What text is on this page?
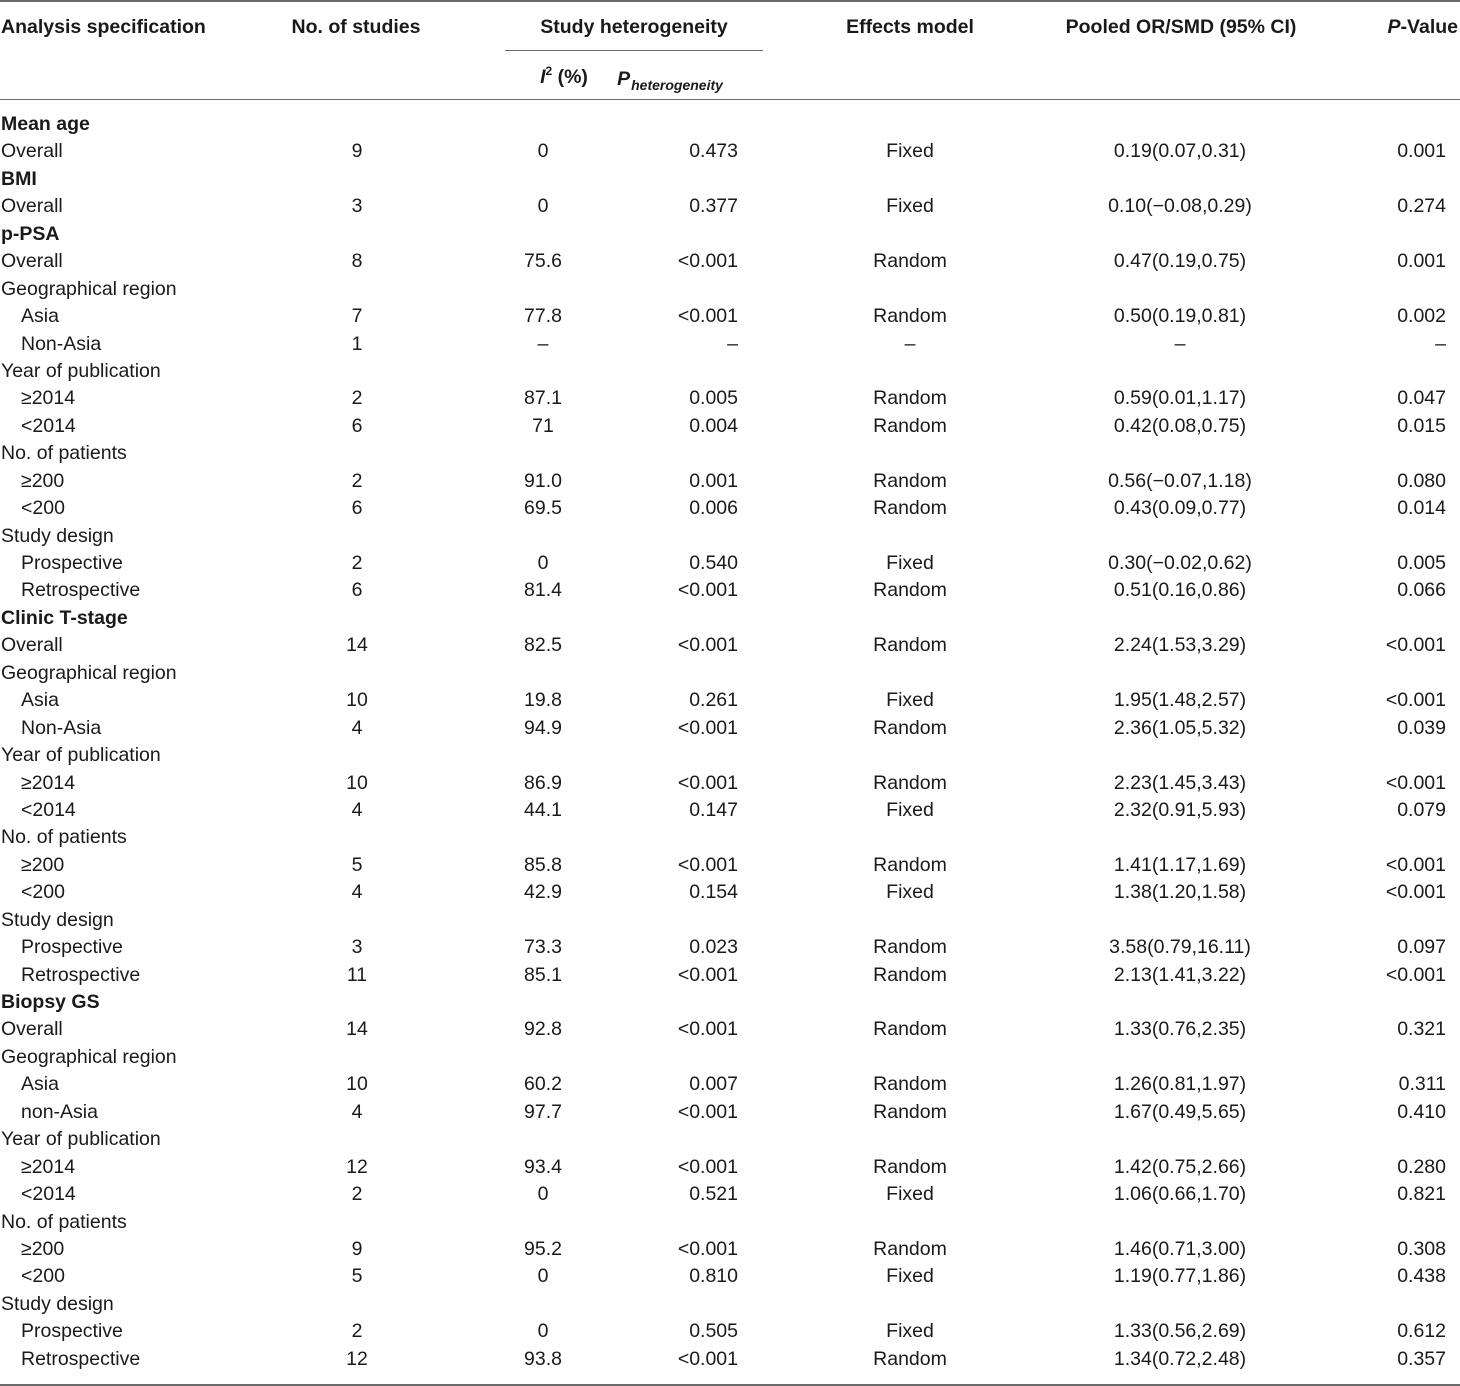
Analysis specification	No. of studies	Study heterogeneity	Effects model	Pooled OR/SMD (95% CI)	P-Value
$I^2$ (%) $P_{heterogeneity}$
Mean age
Overall	9	0	0.473	Fixed	0.19(0.07,0.31)	0.001
BMI
Overall	3	0	0.377	Fixed	0.10(−0.08,0.29)	0.274
p-PSA
Overall	8	75.6	<0.001	Random	0.47(0.19,0.75)	0.001
Geographical region
Asia	7	77.8	<0.001	Random	0.50(0.19,0.81)	0.002
Non-Asia	1	–	–	–	–	–
Year of publication
≥2014	2	87.1	0.005	Random	0.59(0.01,1.17)	0.047
<2014	6	71	0.004	Random	0.42(0.08,0.75)	0.015
No. of patients
≥200	2	91.0	0.001	Random	0.56(−0.07,1.18)	0.080
<200	6	69.5	0.006	Random	0.43(0.09,0.77)	0.014
Study design
Prospective	2	0	0.540	Fixed	0.30(−0.02,0.62)	0.005
Retrospective	6	81.4	<0.001	Random	0.51(0.16,0.86)	0.066
Clinic T-stage
Overall	14	82.5	<0.001	Random	2.24(1.53,3.29)	<0.001
Geographical region
Asia	10	19.8	0.261	Fixed	1.95(1.48,2.57)	<0.001
Non-Asia	4	94.9	<0.001	Random	2.36(1.05,5.32)	0.039
Year of publication
≥2014	10	86.9	<0.001	Random	2.23(1.45,3.43)	<0.001
<2014	4	44.1	0.147	Fixed	2.32(0.91,5.93)	0.079
No. of patients
≥200	5	85.8	<0.001	Random	1.41(1.17,1.69)	<0.001
<200	4	42.9	0.154	Fixed	1.38(1.20,1.58)	<0.001
Study design
Prospective	3	73.3	0.023	Random	3.58(0.79,16.11)	0.097
Retrospective	11	85.1	<0.001	Random	2.13(1.41,3.22)	<0.001
Biopsy GS
Overall	14	92.8	<0.001	Random	1.33(0.76,2.35)	0.321
Geographical region
Asia	10	60.2	0.007	Random	1.26(0.81,1.97)	0.311
non-Asia	4	97.7	<0.001	Random	1.67(0.49,5.65)	0.410
Year of publication
≥2014	12	93.4	<0.001	Random	1.42(0.75,2.66)	0.280
<2014	2	0	0.521	Fixed	1.06(0.66,1.70)	0.821
No. of patients
≥200	9	95.2	<0.001	Random	1.46(0.71,3.00)	0.308
<200	5	0	0.810	Fixed	1.19(0.77,1.86)	0.438
Study design
Prospective	2	0	0.505	Fixed	1.33(0.56,2.69)	0.612
Retrospective	12	93.8	<0.001	Random	1.34(0.72,2.48)	0.357
